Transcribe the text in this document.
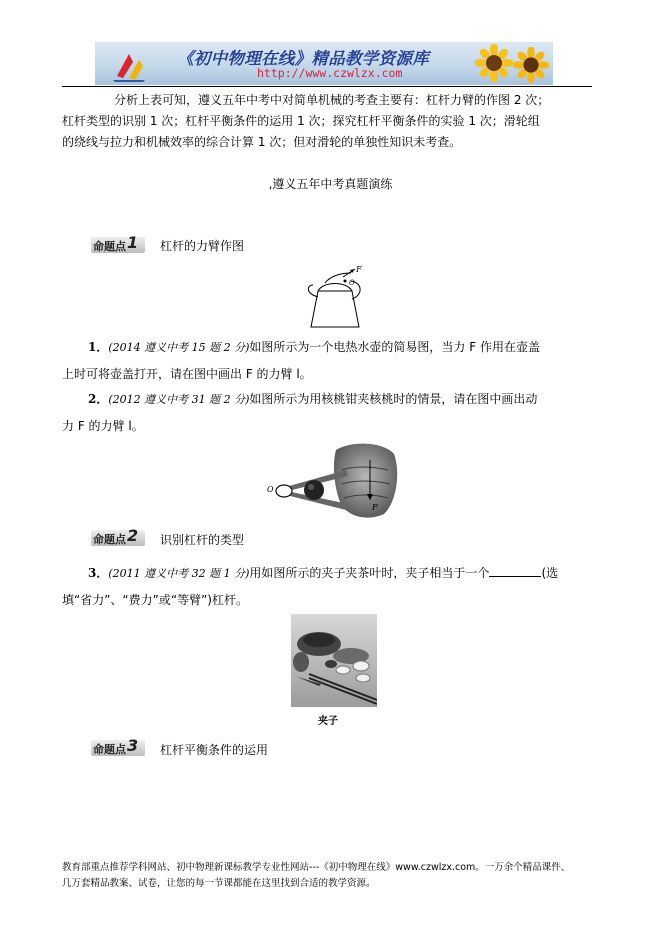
《初中物理在线》精品教学资源库
http://www.czwlzx.com
分析上表可知，遵义五年中考中对简单机械的考查主要有：杠杆力臂的作图 2 次；
杠杆类型的识别 1 次；杠杆平衡条件的运用 1 次；探究杠杆平衡条件的实验 1 次；滑轮组
的绕线与拉力和机械效率的综合计算 1 次；但对滑轮的单独性知识未考查。
,遵义五年中考真题演练
命题点1	杠杆的力臂作图
F
O
1．(2014 遵义中考 15 题 2 分)如图所示为一个电热水壶的简易图，当力 F 作用在壶盖
上时可将壶盖打开，请在图中画出 F 的力臂 l。
2．(2012 遵义中考 31 题 2 分)如图所示为用核桃钳夹核桃时的情景，请在图中画出动
力 F 的力臂 l。
F
O
命题点2	识别杠杆的类型
3．(2011 遵义中考 32 题 1 分)用如图所示的夹子夹茶叶时，夹子相当于一个	(选
填“省力”、“费力”或“等臂”)杠杆。
夹子
命题点3	杠杆平衡条件的运用
教育部重点推荐学科网站、初中物理新课标教学专业性网站---《初中物理在线》www.czwlzx.com。一万余个精品课件、
几万套精品教案、试卷，让您的每一节课都能在这里找到合适的教学资源。
